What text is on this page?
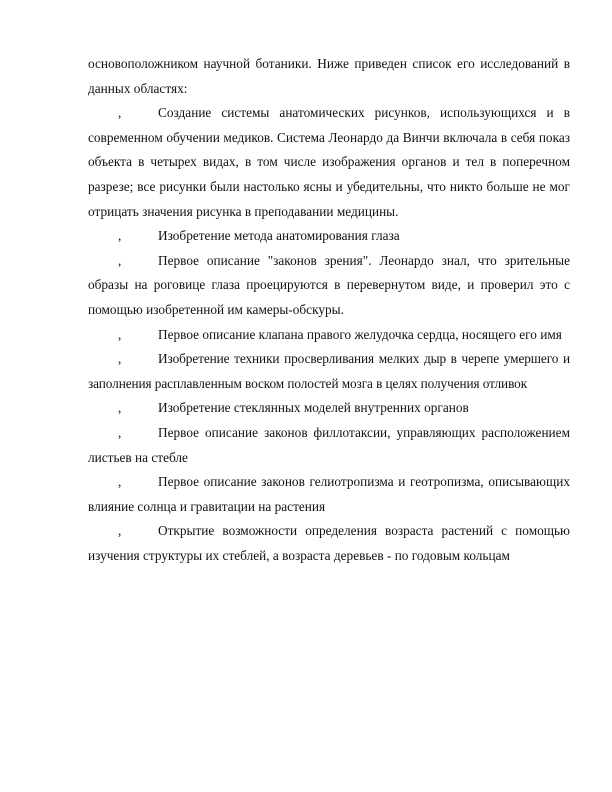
основоположником научной ботаники. Ниже приведен список его исследований в данных областях:

,	Создание системы анатомических рисунков, использующихся и в современном обучении медиков. Система Леонардо да Винчи включала в себя показ объекта в четырех видах, в том числе изображения органов и тел в поперечном разрезе; все рисунки были настолько ясны и убедительны, что никто больше не мог отрицать значения рисунка в преподавании медицины.

,	Изобретение метода анатомирования глаза

,	Первое описание "законов зрения". Леонардо знал, что зрительные образы на роговице глаза проецируются в перевернутом виде, и проверил это с помощью изобретенной им камеры-обскуры.

,	Первое описание клапана правого желудочка сердца, носящего его имя

,	Изобретение техники просверливания мелких дыр в черепе умершего и заполнения расплавленным воском полостей мозга в целях получения отливок

,	Изобретение стеклянных моделей внутренних органов

,	Первое описание законов филлотаксии, управляющих расположением листьев на стебле

,	Первое описание законов гелиотропизма и геотропизма, описывающих влияние солнца и гравитации на растения

,	Открытие возможности определения возраста растений с помощью изучения структуры их стеблей, а возраста деревьев - по годовым кольцам
